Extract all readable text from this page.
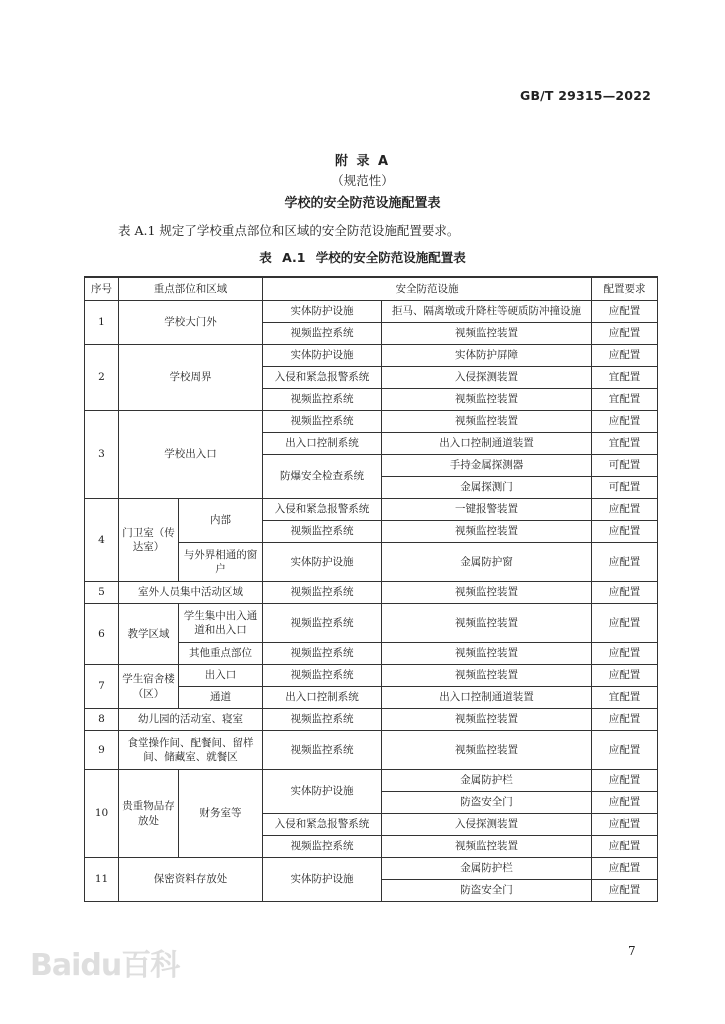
GB/T 29315—2022
附 录 A
（规范性）
学校的安全防范设施配置表
表 A.1 规定了学校重点部位和区域的安全防范设施配置要求。
表 A.1 学校的安全防范设施配置表
序号	重点部位和区域		安全防范设施		配置要求
1	学校大门外		实体防护设施	拒马、隔离墩或升降柱等硬质防冲撞设施	应配置
			视频监控系统	视频监控装置	应配置
2	学校周界		实体防护设施	实体防护屏障	应配置
			入侵和紧急报警系统	入侵探测装置	宜配置
			视频监控系统	视频监控装置	宜配置
3	学校出入口		视频监控系统	视频监控装置	应配置
			出入口控制系统	出入口控制通道装置	宜配置
			防爆安全检查系统	手持金属探测器	可配置
				金属探测门	可配置
4	门卫室（传达室）	内部	入侵和紧急报警系统	一键报警装置	应配置
			视频监控系统	视频监控装置	应配置
		与外界相通的窗户	实体防护设施	金属防护窗	应配置
5	室外人员集中活动区域		视频监控系统	视频监控装置	应配置
6	教学区域	学生集中出入通道和出入口	视频监控系统	视频监控装置	应配置
		其他重点部位	视频监控系统	视频监控装置	应配置
7	学生宿舍楼（区）	出入口	视频监控系统	视频监控装置	应配置
		通道	出入口控制系统	出入口控制通道装置	宜配置
8	幼儿园的活动室、寝室		视频监控系统	视频监控装置	应配置
9	食堂操作间、配餐间、留样间、储藏室、就餐区		视频监控系统	视频监控装置	应配置
10	贵重物品存放处	财务室等	实体防护设施	金属防护栏	应配置
				防盗安全门	应配置
			入侵和紧急报警系统	入侵探测装置	应配置
			视频监控系统	视频监控装置	应配置
11	保密资料存放处		实体防护设施	金属防护栏	应配置
				防盗安全门	应配置
Baidu百科	7
